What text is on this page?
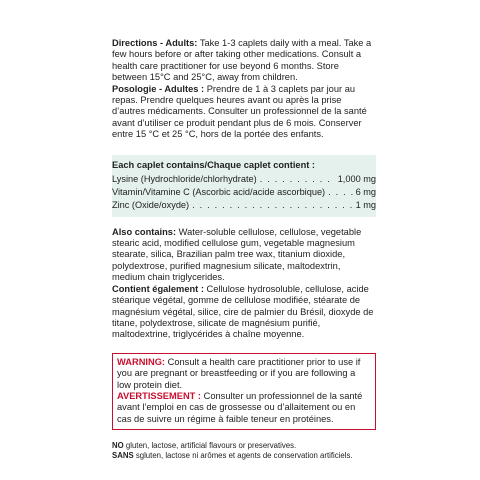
Directions - Adults: Take 1-3 caplets daily with a meal. Take a few hours before or after taking other medications. Consult a health care practitioner for use beyond 6 months. Store between 15°C and 25°C, away from children.

Posologie - Adultes : Prendre de 1 à 3 caplets par jour au repas. Prendre quelques heures avant ou après la prise d’autres médicaments. Consulter un professionnel de la santé avant d’utiliser ce produit pendant plus de 6 mois. Conserver entre 15 °C et 25 °C, hors de la portée des enfants.

Each caplet contains/Chaque caplet contient :

Lysine (Hydrochloride/chlorhydrate) . . .	1,000 mg
Vitamin/Vitamine C (Ascorbic acid/acide ascorbique) . . .	6 mg
Zinc (Oxide/oxyde) . . .	1 mg

Also contains: Water-soluble cellulose, cellulose, vegetable stearic acid, modified cellulose gum, vegetable magnesium stearate, silica, Brazilian palm tree wax, titanium dioxide, polydextrose, purified magnesium silicate, maltodextrin, medium chain triglycerides.

Contient également : Cellulose hydrosoluble, cellulose, acide stéarique végétal, gomme de cellulose modifiée, stéarate de magnésium végétal, silice, cire de palmier du Brésil, dioxyde de titane, polydextrose, silicate de magnésium purifié, maltodextrine, triglycérides à chaîne moyenne.

WARNING: Consult a health care practitioner prior to use if you are pregnant or breastfeeding or if you are following a low protein diet.

AVERTISSEMENT : Consulter un professionnel de la santé avant l’emploi en cas de grossesse ou d’allaitement ou en cas de suivre un régime à faible teneur en protéines.

NO gluten, lactose, artificial flavours or preservatives.
SANS sgluten, lactose ni arômes et agents de conservation artificiels.
